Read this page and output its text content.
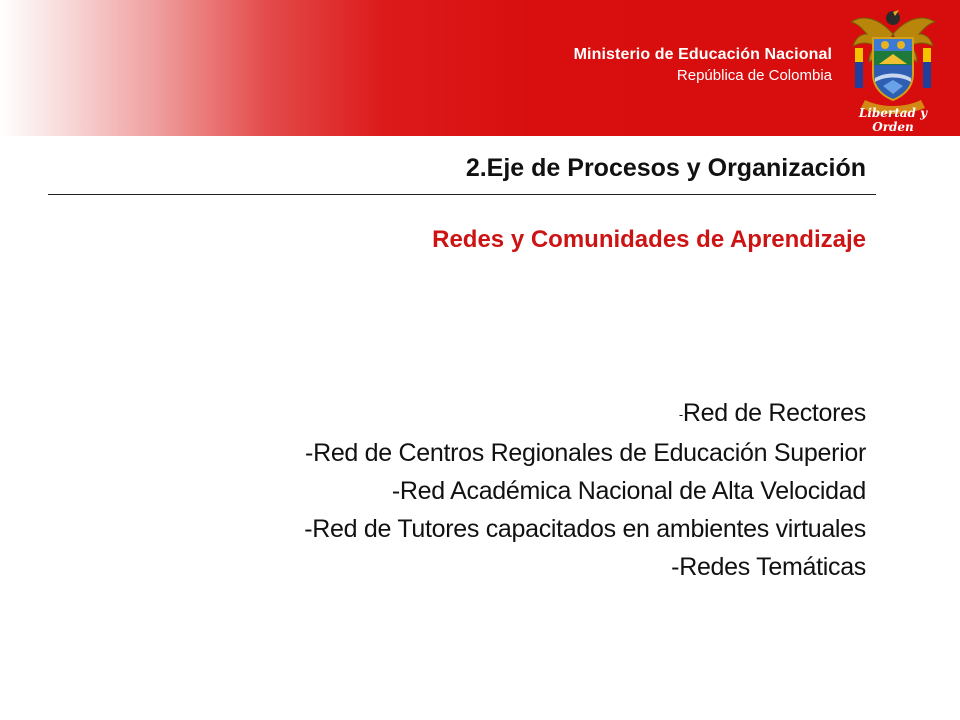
Ministerio de Educación Nacional
República de Colombia
Libertad y Orden
2.Eje de Procesos y Organización
Redes y Comunidades de Aprendizaje
-Red de Rectores
-Red de Centros Regionales de Educación Superior
-Red Académica Nacional de Alta Velocidad
-Red de Tutores capacitados en ambientes virtuales
-Redes Temáticas
